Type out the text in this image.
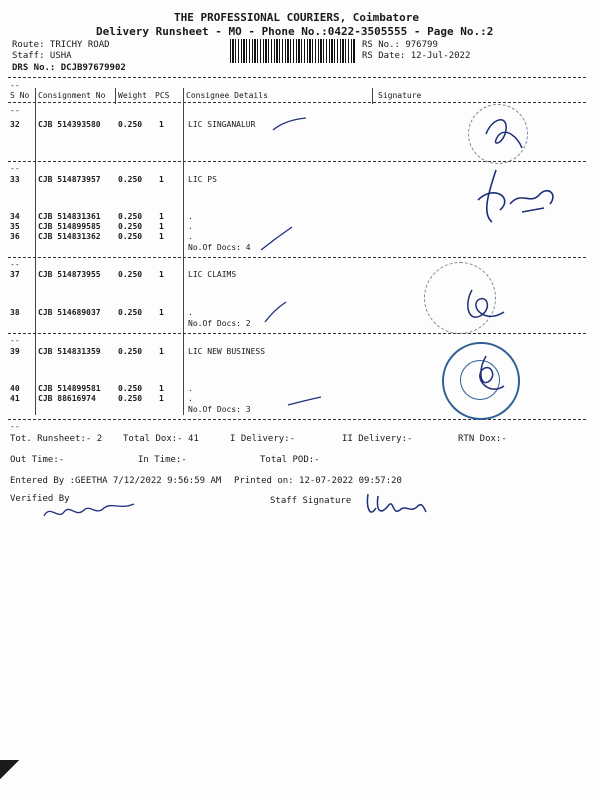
THE PROFESSIONAL COURIERS, Coimbatore
Delivery Runsheet - MO - Phone No.:0422-3505555 - Page No.:2
Route: TRICHY ROAD
Staff: USHA
DRS No.: DCJB97679902
RS No.: 976799
RS Date: 12-Jul-2022
--
S No Consignment No Weight PCS Consignee Details	Signature
--
32 CJB 514393580 0.250 1	LIC SINGANALUR
--
33 CJB 514873957 0.250 1	LIC PS
34 CJB 514831361 0.250 1	.
35 CJB 514899585 0.250 1	.
36 CJB 514831362 0.250 1	.
No.Of Docs: 4
--
37 CJB 514873955 0.250 1	LIC CLAIMS
38 CJB 514689037 0.250 1	.
No.Of Docs: 2
--
39 CJB 514831359 0.250 1	LIC NEW BUSINESS
40 CJB 514899581 0.250 1	.
41 CJB 88616974	0.250 1	.
No.Of Docs: 3
--
Tot. Runsheet:- 2 Total Dox:- 41	I Delivery:-	II Delivery:-	RTN Dox:-
Out Time:-	In Time:-	Total POD:-
Entered By :GEETHA 7/12/2022 9:56:59 AM Printed on: 12-07-2022 09:57:20
Verified By	Staff Signature
